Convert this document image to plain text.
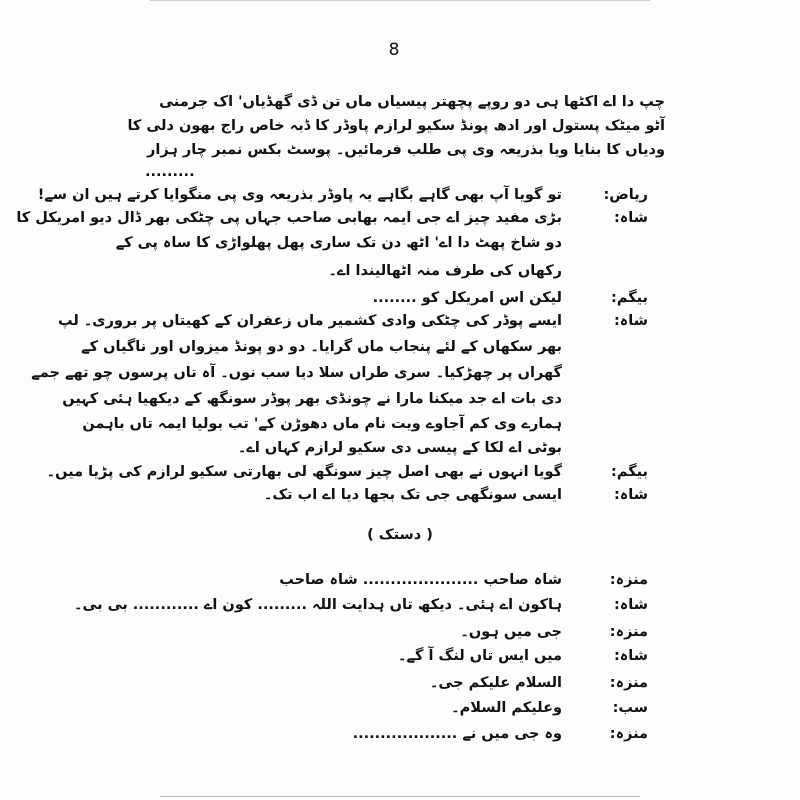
8
چپ دا اے اکٹھا ہی دو روپے پچھتر پیسیاں ماں تن ڈی گھڈیاں' اک جرمنی
آٹو میٹک پستول اور ادھ پونڈ سکیو لرازم پاوڈر کا ڈبہ خاص راج بھون دلی کا
ودیاں کا بنایا ویا بذریعہ وی پی طلب فرمائیں۔ پوسٹ بکس نمبر چار ہزار
.........
ریاض:
تو گویا آپ بھی گاہے بگاہے یہ پاوڈر بذریعہ وی پی منگوایا کرتے ہیں ان سے!
شاہ:
بڑی مفید چیز اے جی ایمہ بھابی صاحب جہاں پی چٹکی بھر ڈال دیو امریکل کا
دو شاخ پھٹ دا اے' اٹھ دن تک ساری پھل پھلواڑی کا ساہ پی کے
رکھاں کی طرف منہ اٹھالیندا اے۔
بیگم:
لیکن اس امریکل کو ........
شاہ:
ایسے پوڈر کی چٹکی وادی کشمیر ماں زعفران کے کھیتاں پر بروری۔ لپ
بھر سکھاں کے لئے پنجاب ماں گرایا۔ دو دو پونڈ میزواں اور ناگیاں کے
گھراں پر چھڑکیا۔ سری طراں سلا دیا سب نوں۔ آہ تاں پرسوں چو تھے جمے
دی بات اے جد میکنا مارا نے چونڈی بھر پوڈر سونگھ کے دیکھیا ہئی کہیں
ہمارے وی کم آجاوے ویت نام ماں دھوڑن کے' تب بولیا ایمہ تاں باہمن
بوٹی اے لکا کے پیسی دی سکیو لرازم کہاں اے۔
بیگم:
گویا انہوں نے بھی اصل چیز سونگھ لی بھارتی سکیو لرازم کی پڑیا میں۔
شاہ:
ایسی سونگھی جی تک بجھا دیا اے اب تک۔
( دستک )
منزہ:
شاہ صاحب ..................... شاہ صاحب
شاہ:
ہاکون اے ہئی۔ دیکھ تاں ہدایت اللہ ......... کون اے ............ بی بی۔
منزہ:
جی میں ہوں۔
شاہ:
میں ایس تاں لنگ آ گے۔
منزہ:
السلام علیکم جی۔
سب:
وعلیکم السلام۔
منزہ:
وہ جی میں نے ...................
